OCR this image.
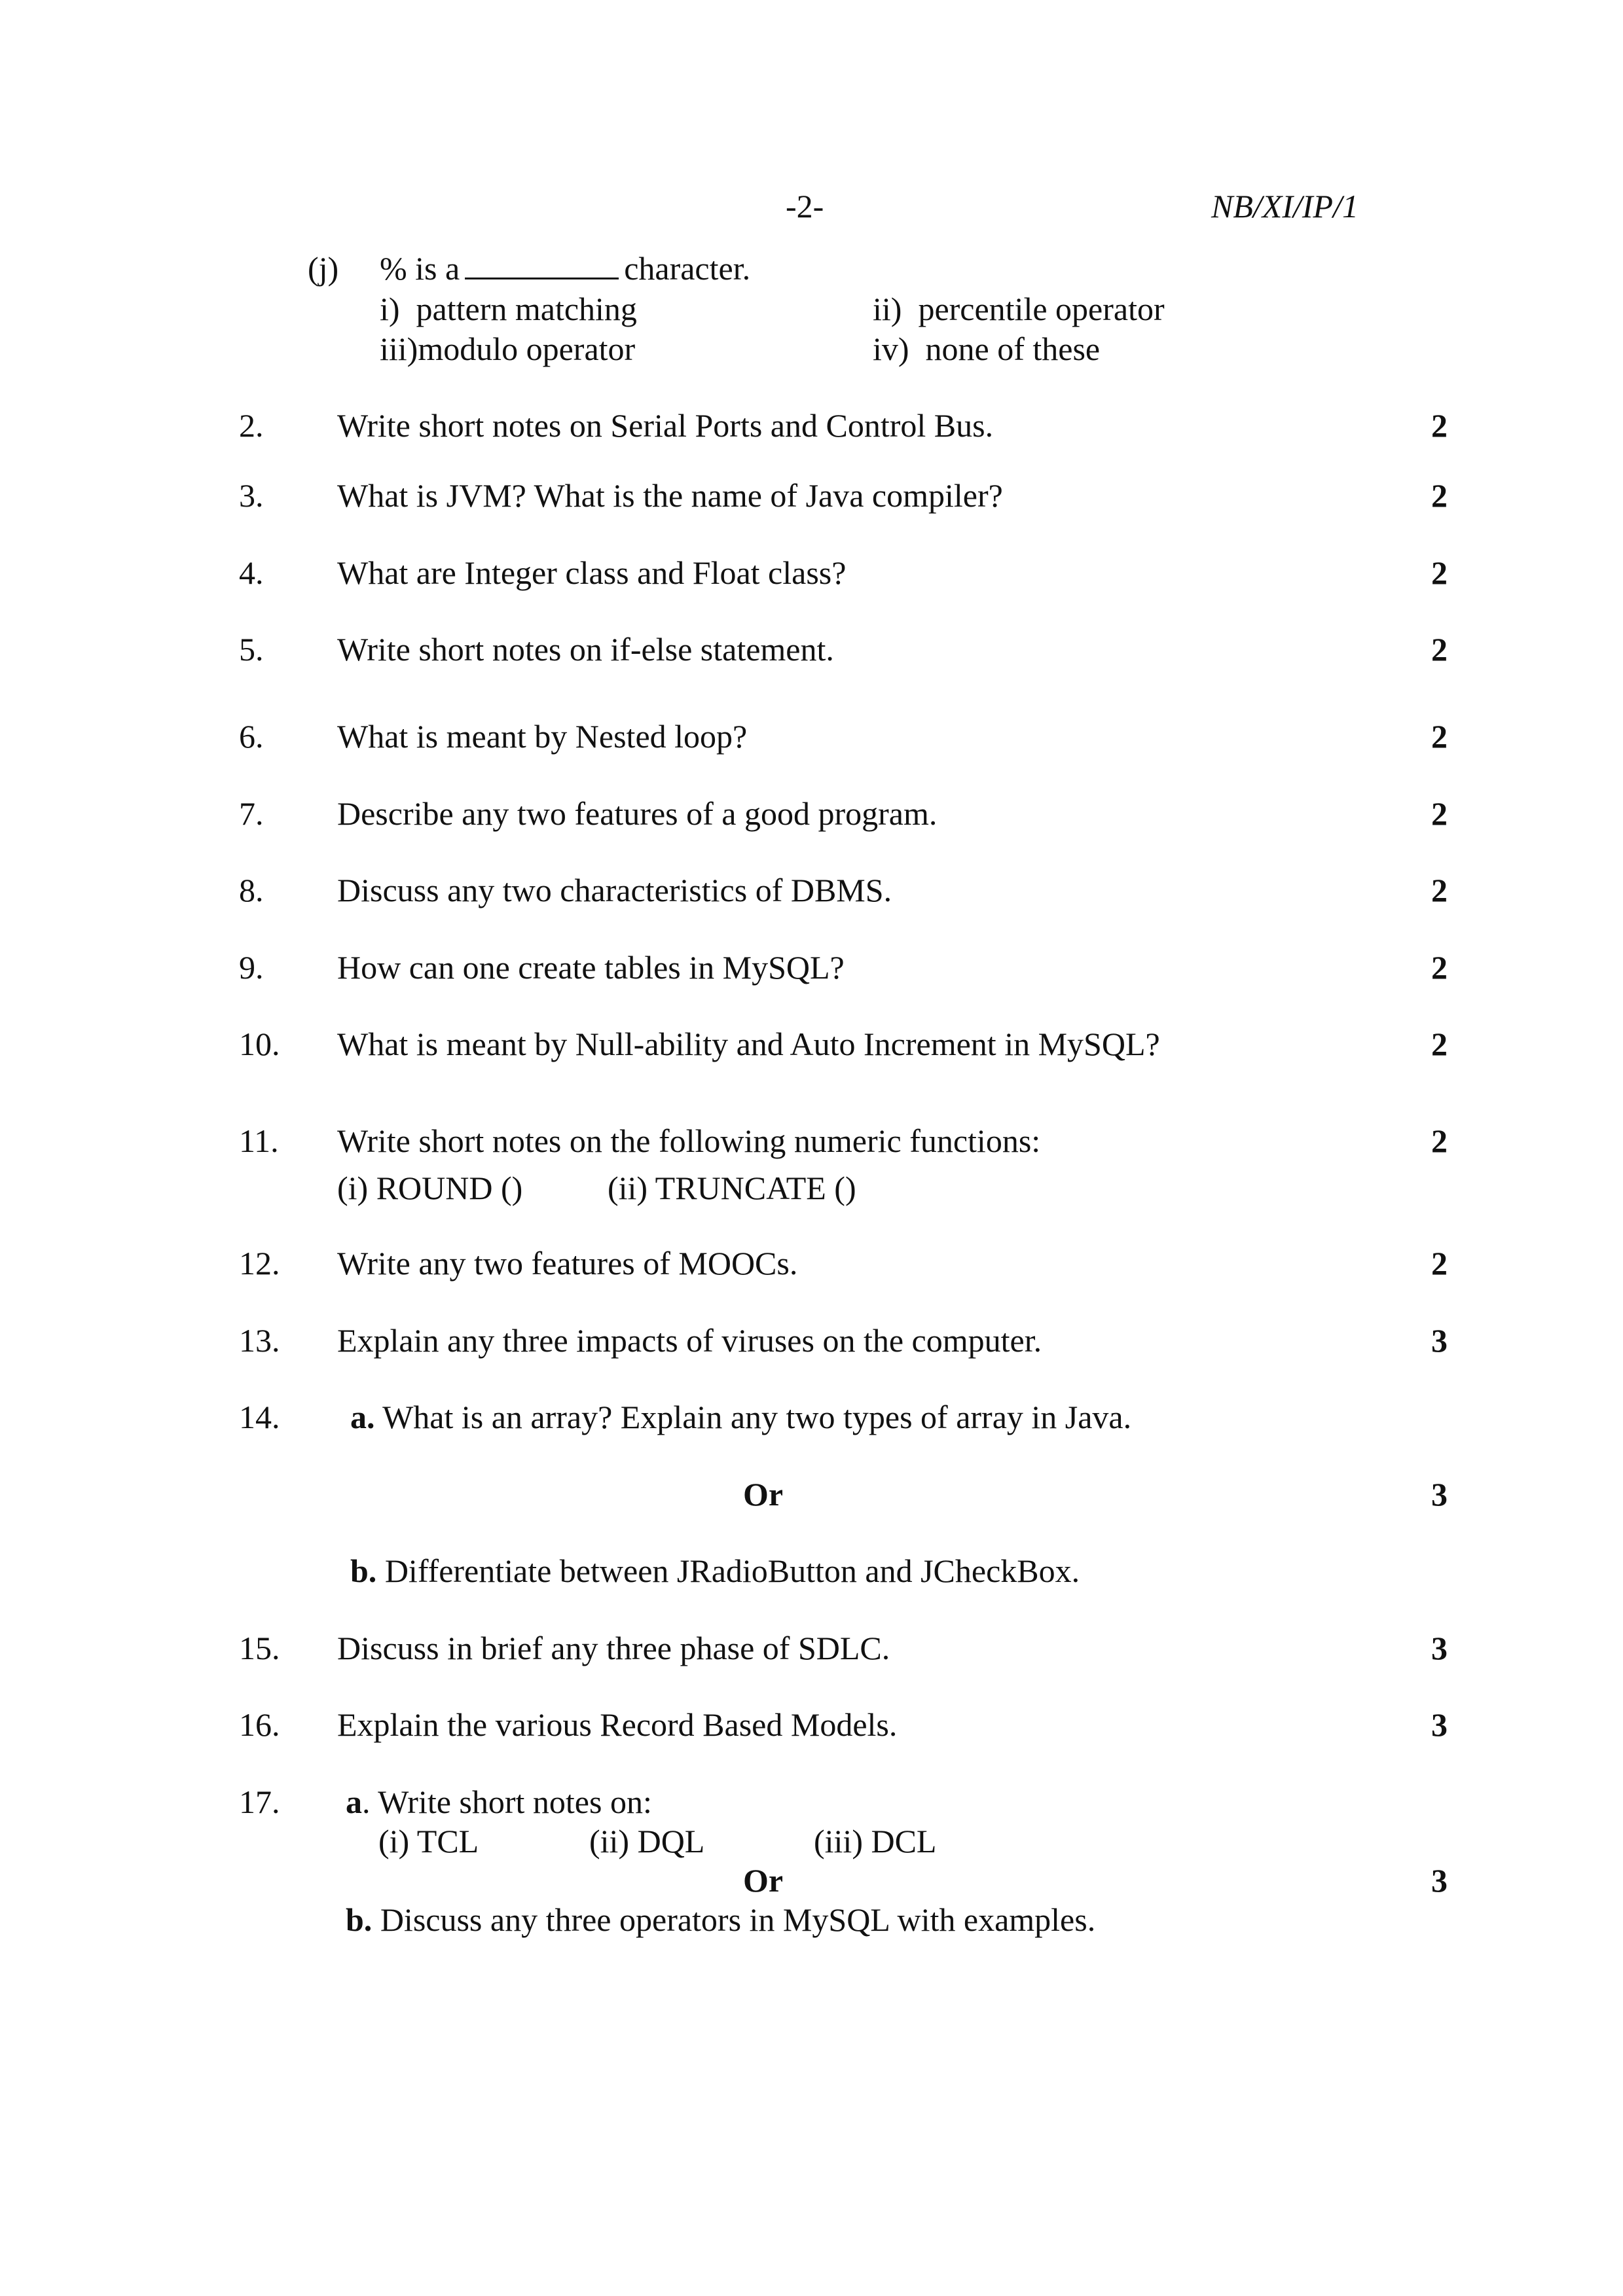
-2-	NB/XI/IP/1
(j) % is a	character.
i) pattern matching	ii) percentile operator
iii)modulo operator	iv) none of these
2. Write short notes on Serial Ports and Control Bus.	2
3. What is JVM? What is the name of Java compiler?	2
4. What are Integer class and Float class?	2
5. Write short notes on if-else statement.	2
6. What is meant by Nested loop?	2
7. Describe any two features of a good program.	2
8. Discuss any two characteristics of DBMS.	2
9. How can one create tables in MySQL?	2
10. What is meant by Null-ability and Auto Increment in MySQL?	2
11. Write short notes on the following numeric functions:	2
(i) ROUND ()	(ii) TRUNCATE ()
12. Write any two features of MOOCs.	2
13. Explain any three impacts of viruses on the computer.	3
14. a. What is an array? Explain any two types of array in Java.
Or	3
b. Differentiate between JRadioButton and JCheckBox.
15. Discuss in brief any three phase of SDLC.	3
16. Explain the various Record Based Models.	3
17. a. Write short notes on:
(i) TCL	(ii) DQL	(iii) DCL
Or	3
b. Discuss any three operators in MySQL with examples.
